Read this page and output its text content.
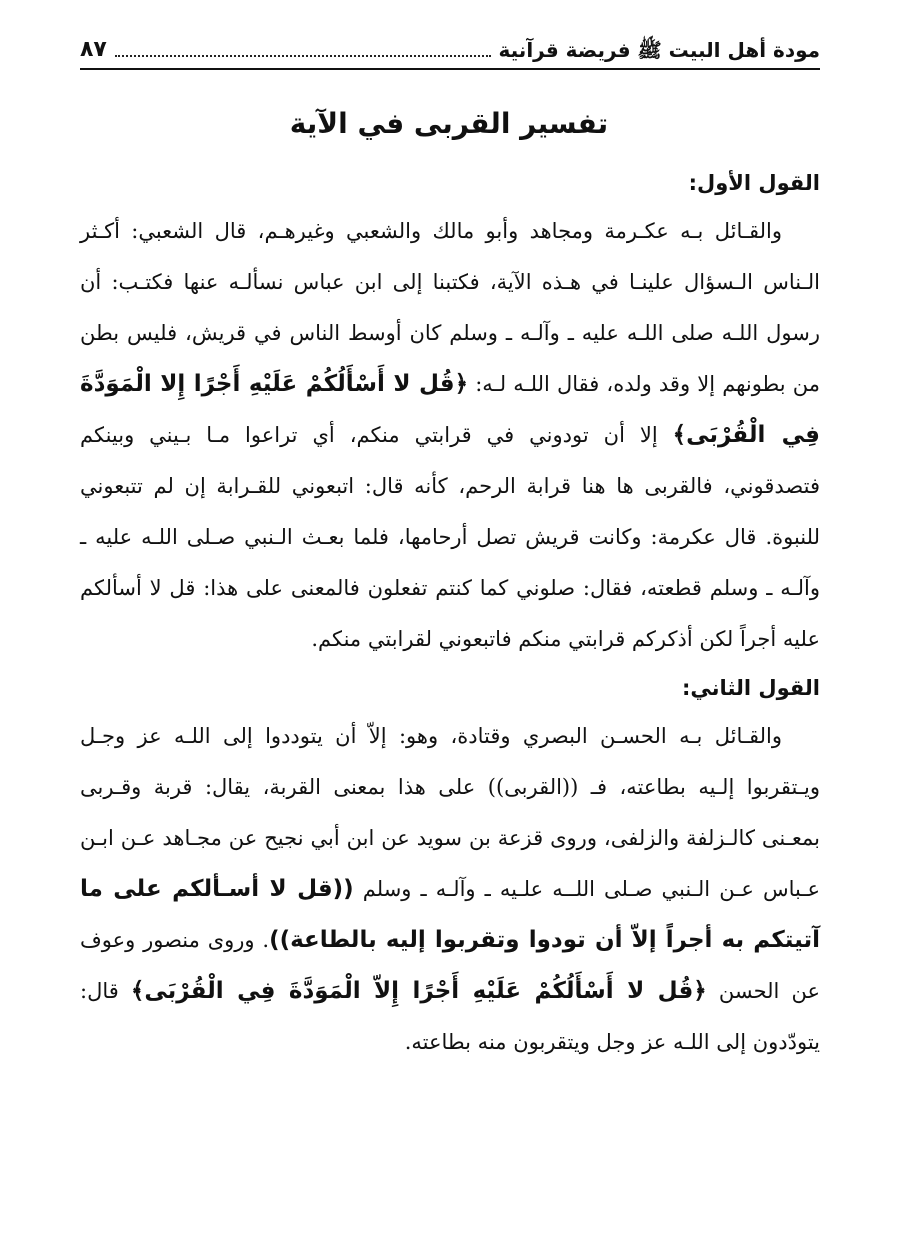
مودة أهل البيت ﷺ فريضة قرآنية
٨٧
تفسير القربى في الآية

القول الأول:

والقـائل بـه عكـرمة ومجاهد وأبو مالك والشعبي وغيرهـم، قال الشعبي: أكـثر الـناس الـسؤال علينـا في هـذه الآية، فكتبنا إلى ابن عباس نسألـه عنها فكتـب: أن رسول اللـه صلى اللـه عليه ـ وآلـه ـ وسلم كان أوسط الناس في قريش، فليس بطن من بطونهم إلا وقد ولده، فقال اللـه لـه: ﴿قُل لا أَسْأَلُكُمْ عَلَيْهِ أَجْرًا إِلا الْمَوَدَّةَ فِي الْقُرْبَى﴾ إلا أن تودوني في قرابتي منكم، أي تراعوا مـا بـيني وبينكم فتصدقوني، فالقربى ها هنا قرابة الرحم، كأنه قال: اتبعوني للقـرابة إن لم تتبعوني للنبوة. قال عكرمة: وكانت قريش تصل أرحامها، فلما بعـث الـنبي صـلى اللـه عليه ـ وآلـه ـ وسلم قطعته، فقال: صلوني كما كنتم تفعلون فالمعنى على هذا: قل لا أسألكم عليه أجراً لكن أذكركم قرابتي منكم فاتبعوني لقرابتي منكم.

القول الثاني:

والقـائل بـه الحسـن البصري وقتادة، وهو: إلاّ أن يتوددوا إلى اللـه عز وجـل ويـتقربوا إلـيه بطاعته، فـ ((القربى)) على هذا بمعنى القربة، يقال: قربة وقـربى بمعـنى كالـزلفة والزلفى، وروى قزعة بن سويد عن ابن أبي نجيح عن مجـاهد عـن ابـن عـباس عـن الـنبي صـلى اللــه علـيه ـ وآلـه ـ وسلم ((قل لا أسـألكم على ما آتيتكم به أجراً إلاّ أن تودوا وتقربوا إليه بالطاعة)). وروى منصور وعوف عن الحسن ﴿قُل لا أَسْأَلُكُمْ عَلَيْهِ أَجْرًا إِلاّ الْمَوَدَّةَ فِي الْقُرْبَى﴾ قال: يتودّدون إلى اللـه عز وجل ويتقربون منه بطاعته.
